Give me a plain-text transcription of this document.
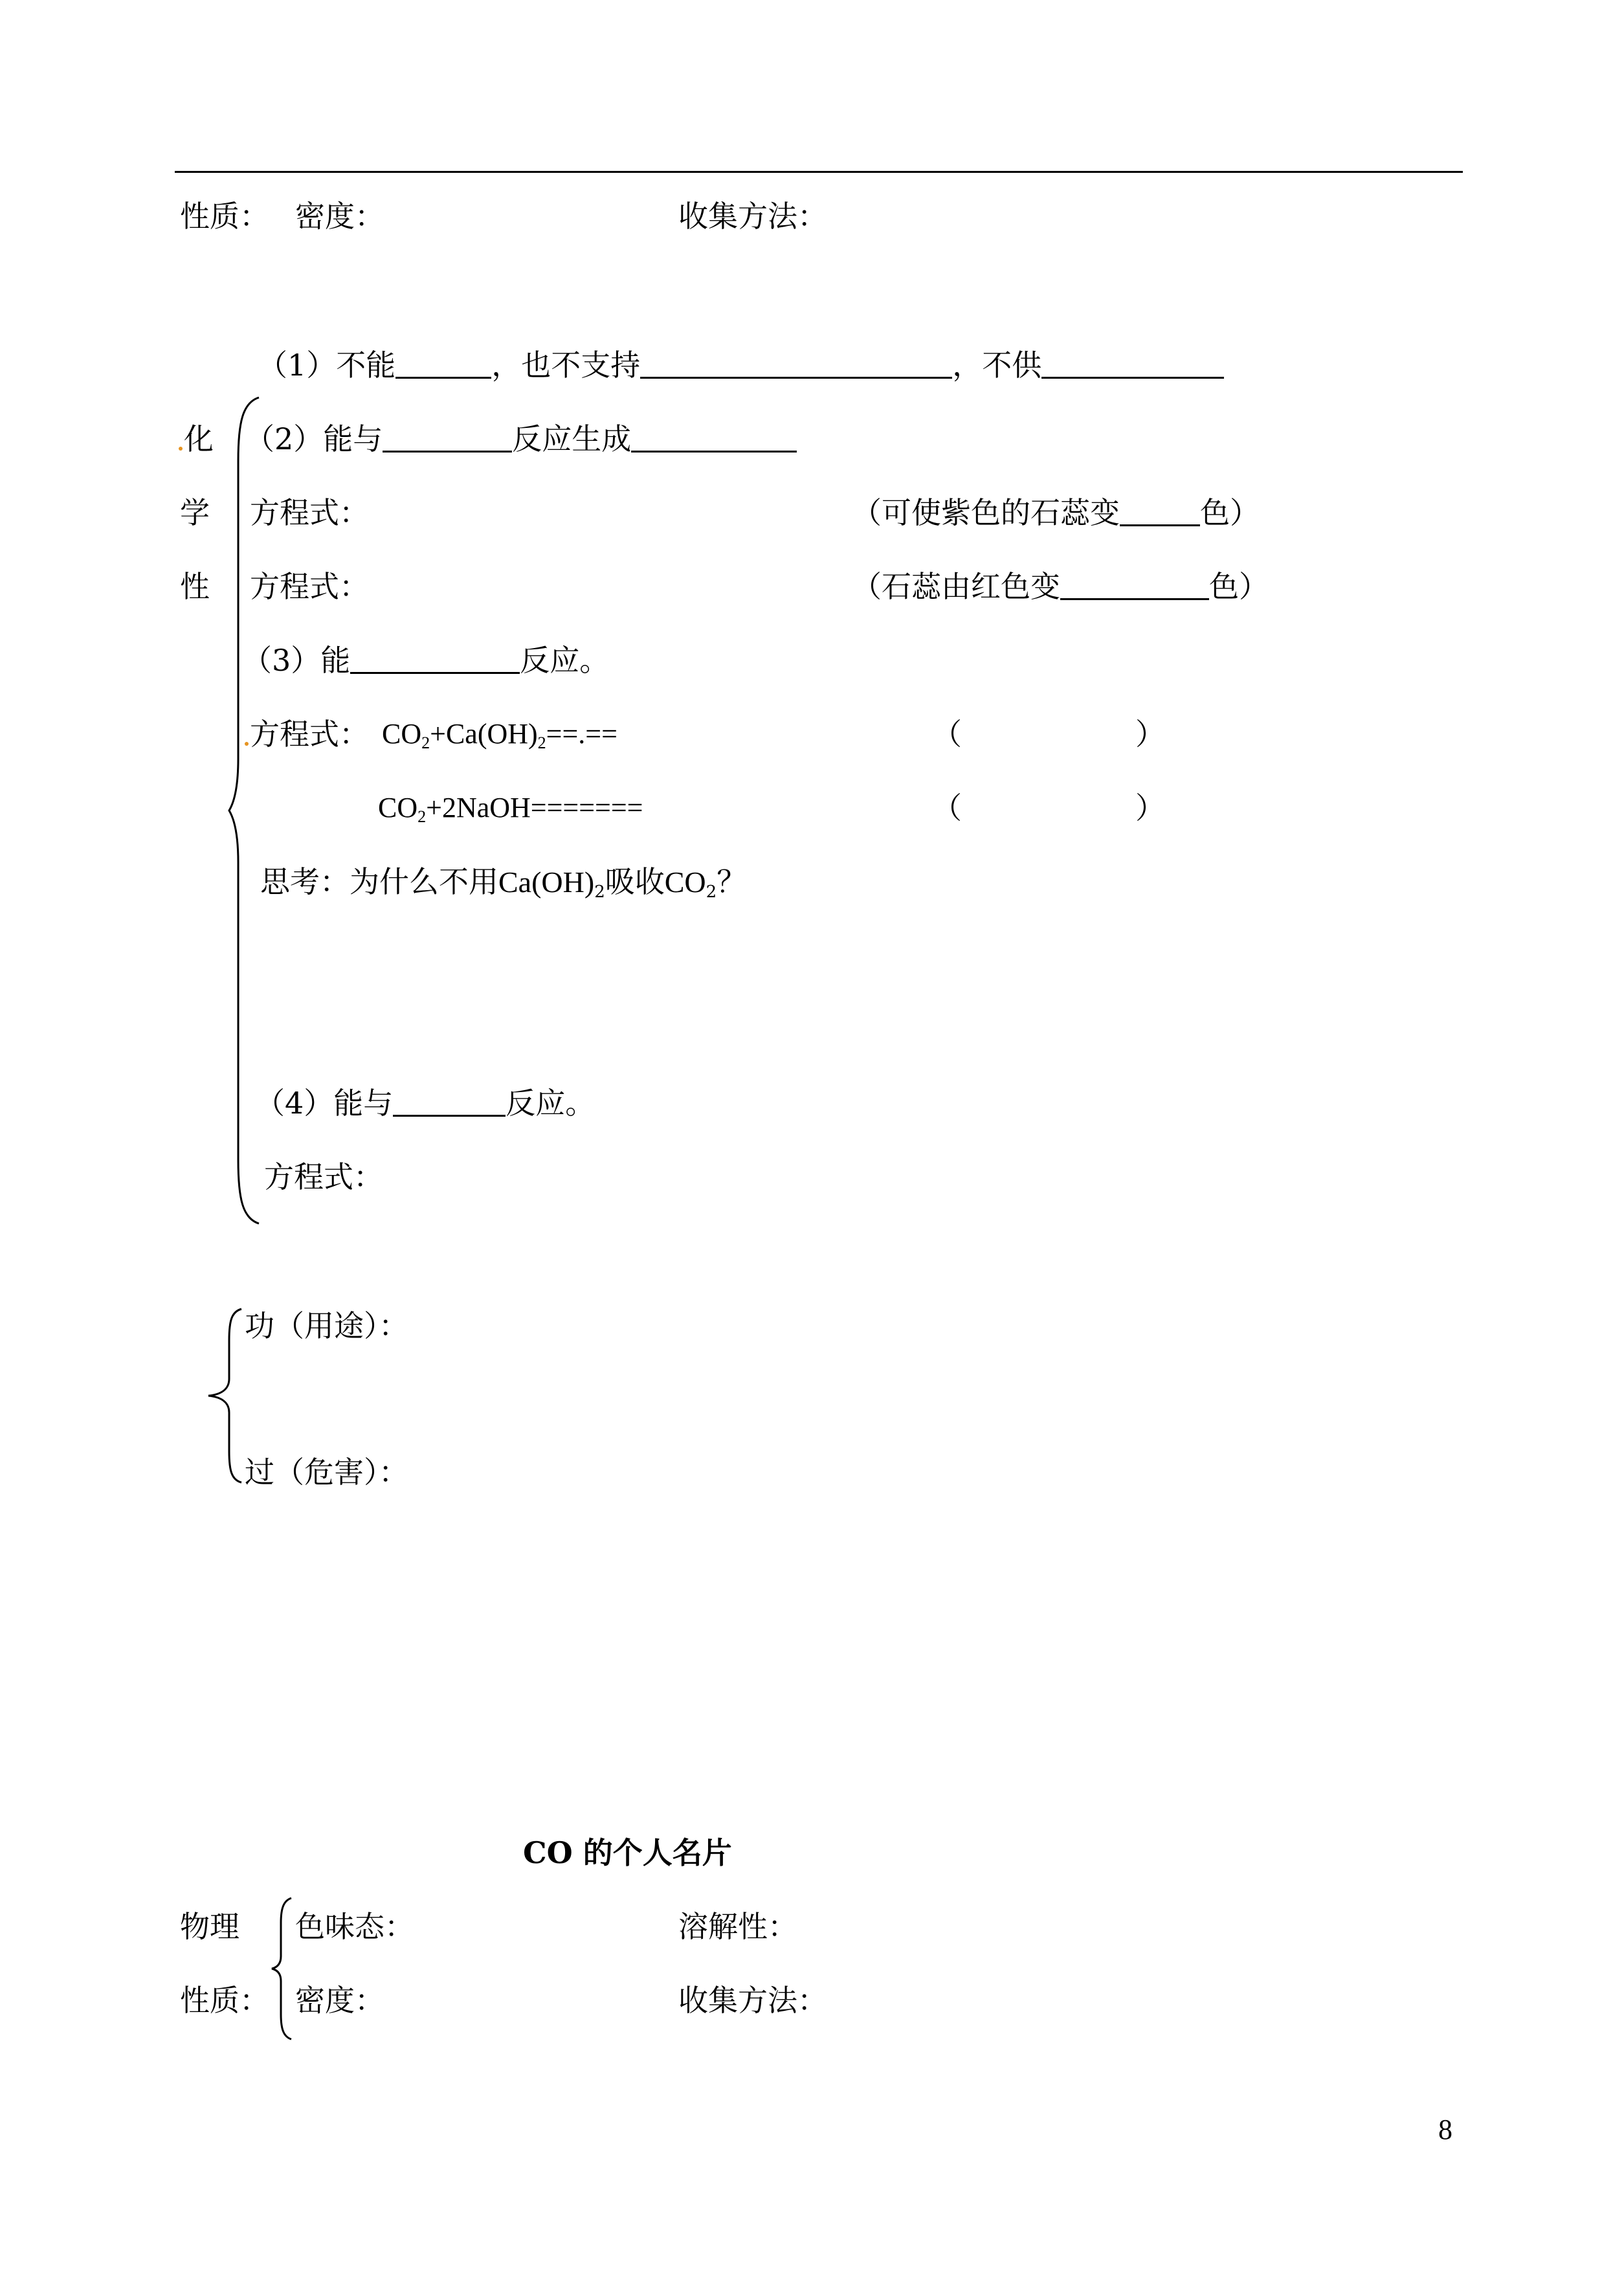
性质： 密度：	收集方法：
化
学
性
（1）不能	，也不支持	，不供
（2）能与	反应生成
方程式：	（可使紫色的石蕊变	色）
方程式：	（石蕊由红色变	色）
（3）能	反应。
方程式： $CO_2+Ca(OH)_2==.==$	（	）
$CO_2+2NaOH=======$	（	）
思考：为什么不用$Ca(OH)_2$吸收$CO_2$？
（4）能与	反应。
方程式：
功（用途）：
过（危害）：
CO 的个人名片
物理
性质：
色味态：	溶解性：
密度：	收集方法：
8
